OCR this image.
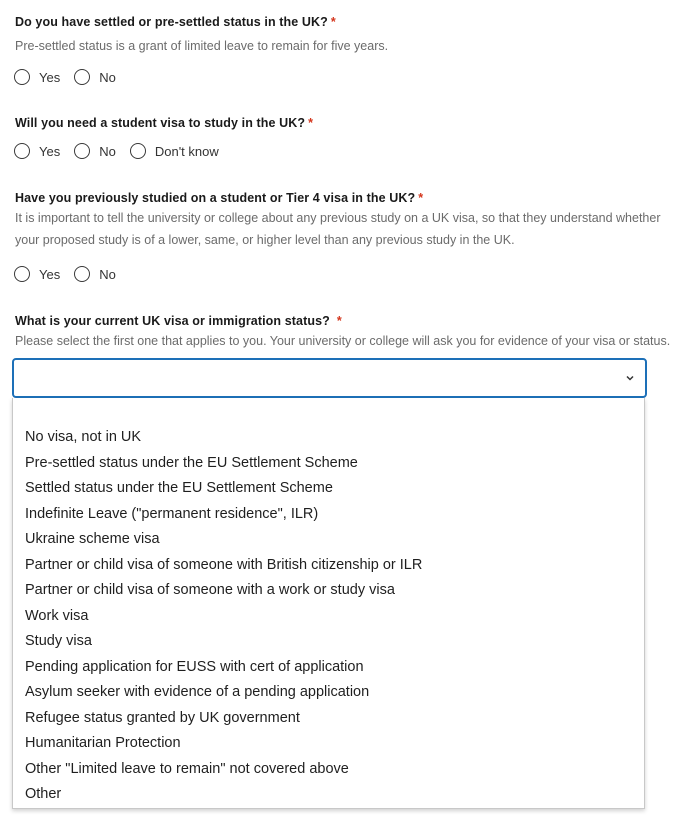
Do you have settled or pre-settled status in the UK? *
Pre-settled status is a grant of limited leave to remain for five years.
Yes	No
Will you need a student visa to study in the UK? *
Yes	No	Don't know
Have you previously studied on a student or Tier 4 visa in the UK? *
It is important to tell the university or college about any previous study on a UK visa, so that they understand whether
your proposed study is of a lower, same, or higher level than any previous study in the UK.
Yes	No
What is your current UK visa or immigration status? *
Please select the first one that applies to you. Your university or college will ask you for evidence of your visa or status.
No visa, not in UK
Pre-settled status under the EU Settlement Scheme
Settled status under the EU Settlement Scheme
Indefinite Leave ("permanent residence", ILR)
Ukraine scheme visa
Partner or child visa of someone with British citizenship or ILR
Partner or child visa of someone with a work or study visa
Work visa
Study visa
Pending application for EUSS with cert of application
Asylum seeker with evidence of a pending application
Refugee status granted by UK government
Humanitarian Protection
Other "Limited leave to remain" not covered above
Other
